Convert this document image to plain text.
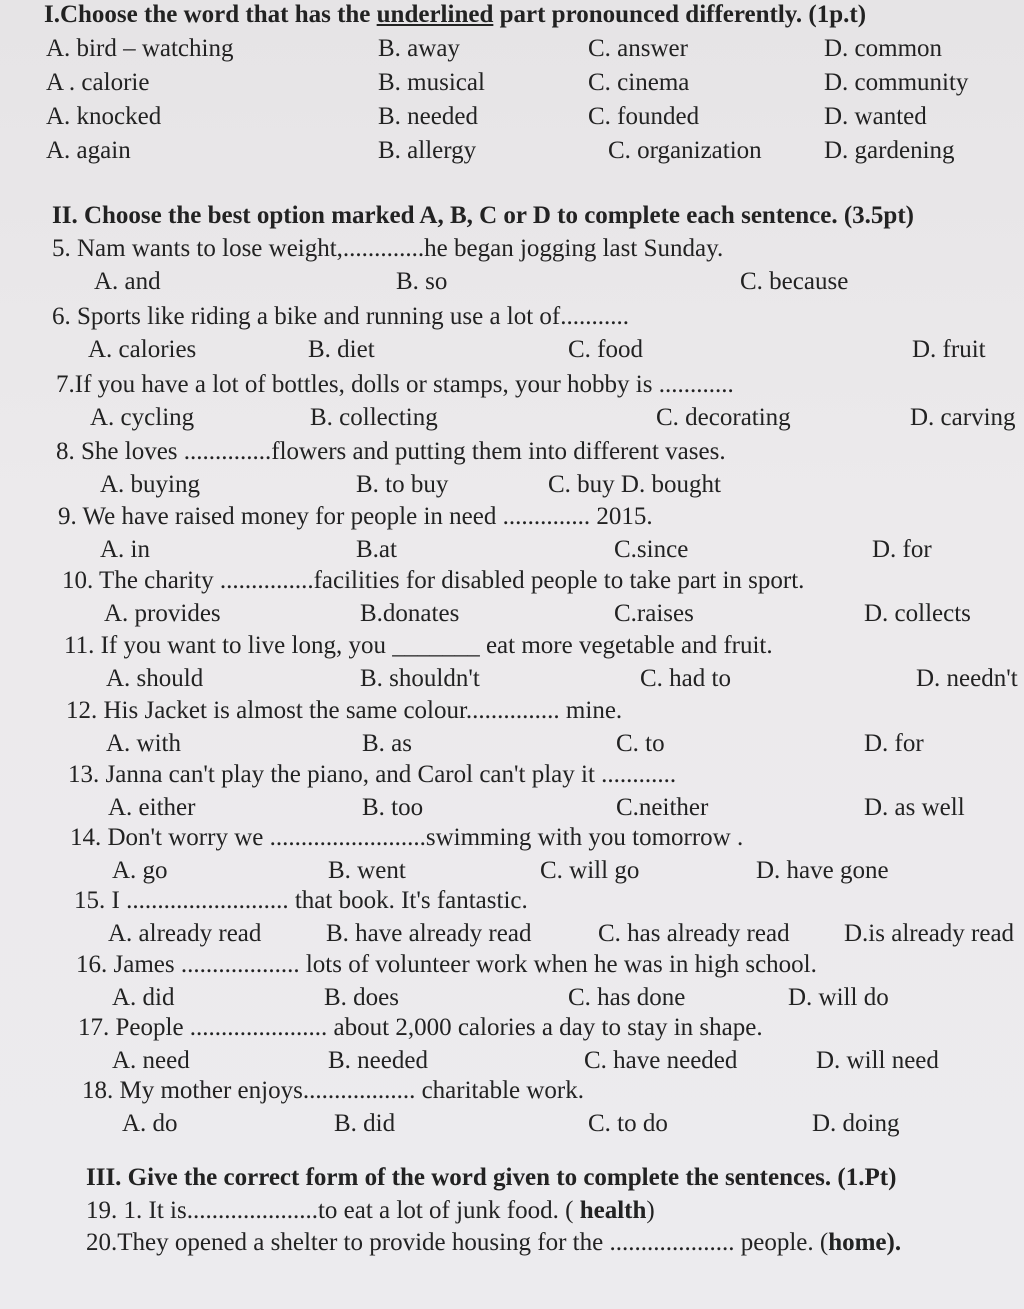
I.Choose the word that has the underlined part pronounced differently. (1p.t)
A. bird – watching	B. away	C. answer	D. common
A . calorie	B. musical	C. cinema	D. community
A. knocked	B. needed	C. founded	D. wanted
A. again	B. allergy	C. organization D. gardening
II. Choose the best option marked A, B, C or D to complete each sentence. (3.5pt)
5. Nam wants to lose weight,.............he began jogging last Sunday.
A. and	B. so	C. because
6. Sports like riding a bike and running use a lot of...........
A. calories	B. diet	C. food	D. fruit
7.If you have a lot of bottles, dolls or stamps, your hobby is ............
A. cycling	B. collecting	C. decorating	D. carving
8. She loves ..............flowers and putting them into different vases.
A. buying	B. to buy	C. buy D. bought
9. We have raised money for people in need .............. 2015.
A. in	B.at	C.since	D. for
10. The charity ...............facilities for disabled people to take part in sport.
A. provides	B.donates	C.raises	D. collects
11. If you want to live long, you _______ eat more vegetable and fruit.
A. should	B. shouldn't	C. had to	D. needn't
12. His Jacket is almost the same colour............... mine.
A. with	B. as	C. to	D. for
13. Janna can't play the piano, and Carol can't play it ............
A. either	B. too	C.neither	D. as well
14. Don't worry we .........................swimming with you tomorrow .
A. go	B. went	C. will go	D. have gone
15. I .......................... that book. It's fantastic.
A. already read	B. have already read	C. has already read D.is already read
16. James ................... lots of volunteer work when he was in high school.
A. did	B. does	C. has done	D. will do
17. People ...................... about 2,000 calories a day to stay in shape.
A. need	B. needed	C. have needed	D. will need
18. My mother enjoys.................. charitable work.
A. do	B. did	C. to do	D. doing
III. Give the correct form of the word given to complete the sentences. (1.Pt)
19. 1. It is.....................to eat a lot of junk food. ( health)
20.They opened a shelter to provide housing for the .................... people. (home).
